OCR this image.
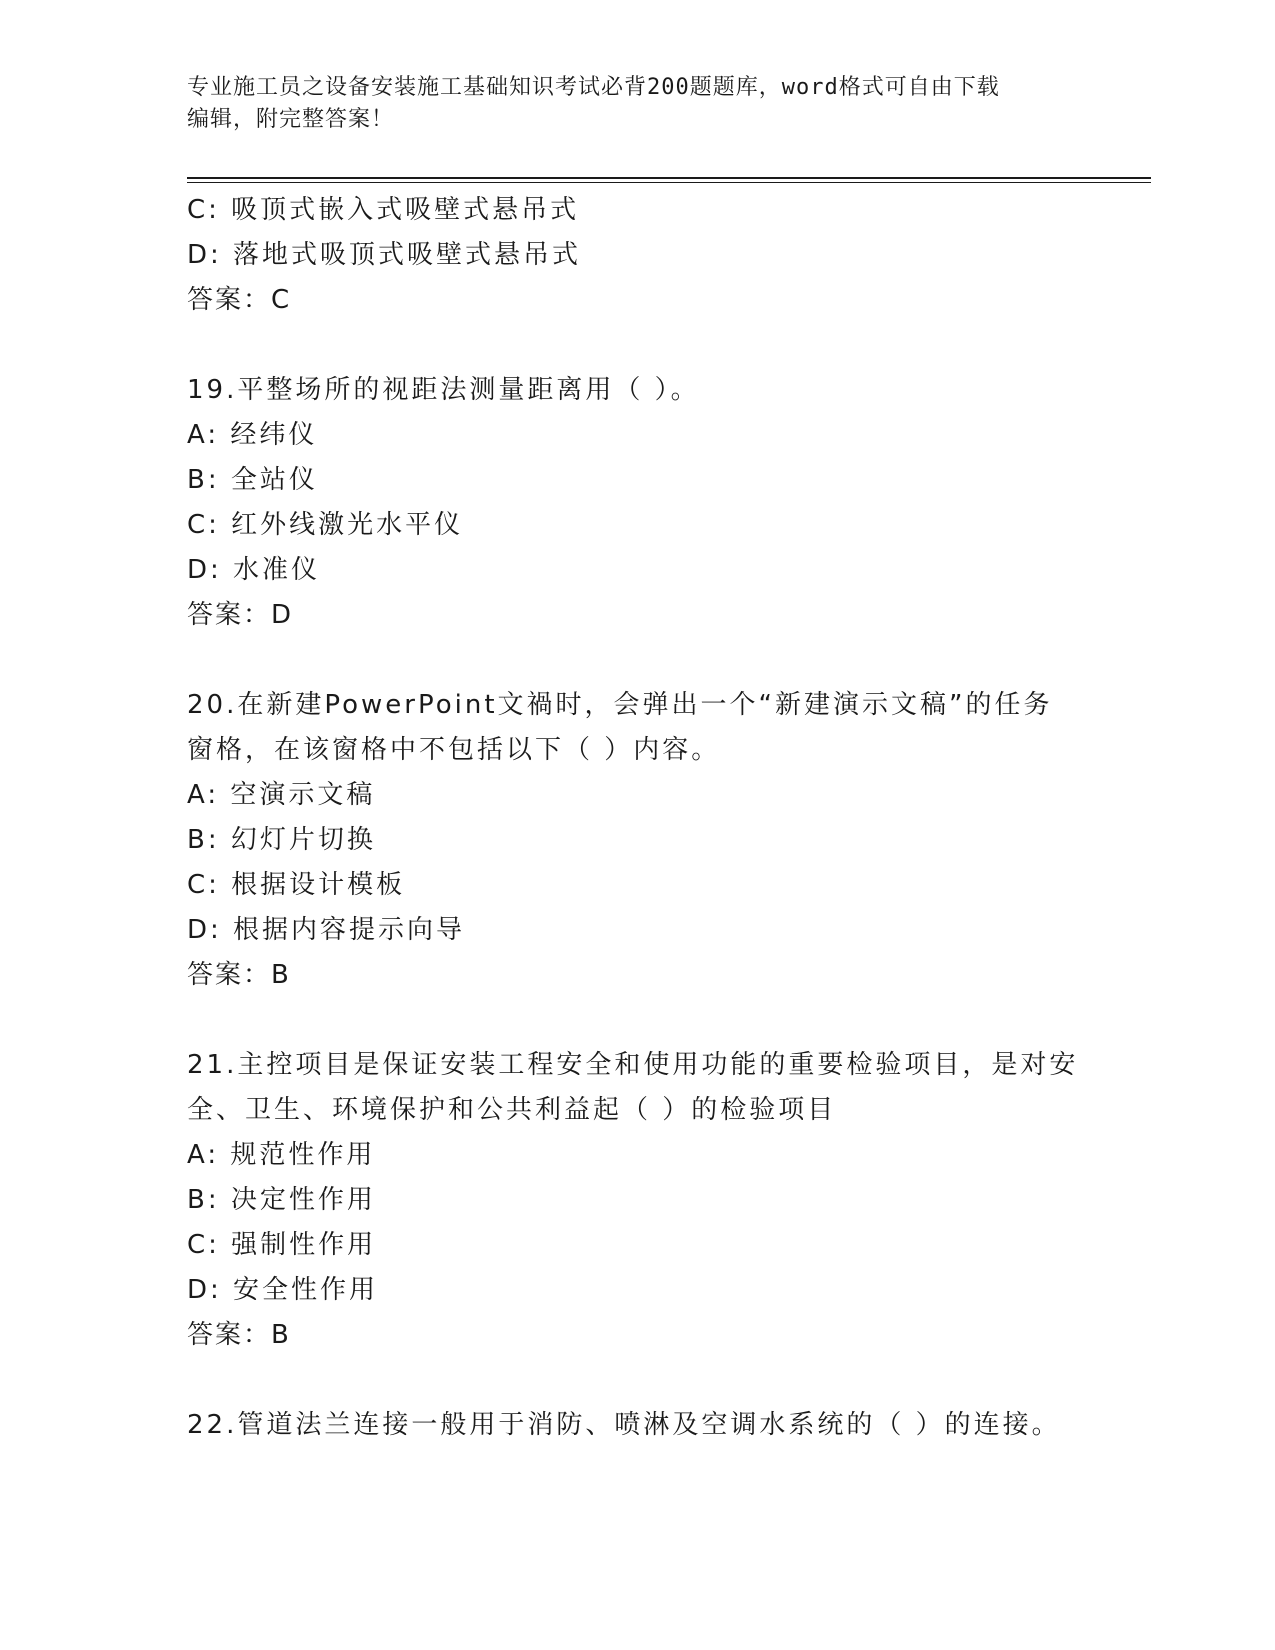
专业施工员之设备安装施工基础知识考试必背200题题库，word格式可自由下载
编辑，附完整答案！
C: 吸顶式嵌入式吸壁式悬吊式
D: 落地式吸顶式吸壁式悬吊式
答案：C
19.平整场所的视距法测量距离用（ ）。
A: 经纬仪
B: 全站仪
C: 红外线激光水平仪
D: 水准仪
答案：D
20.在新建PowerPoint文禍时，会弹出一个“新建演示文稿”的任务
窗格，在该窗格中不包括以下（ ）内容。
A: 空演示文稿
B: 幻灯片切换
C: 根据设计模板
D: 根据内容提示向导
答案：B
21.主控项目是保证安装工程安全和使用功能的重要检验项目，是对安
全、卫生、环境保护和公共利益起（ ）的检验项目
A: 规范性作用
B: 决定性作用
C: 强制性作用
D: 安全性作用
答案：B
22.管道法兰连接一般用于消防、喷淋及空调水系统的（ ）的连接。
